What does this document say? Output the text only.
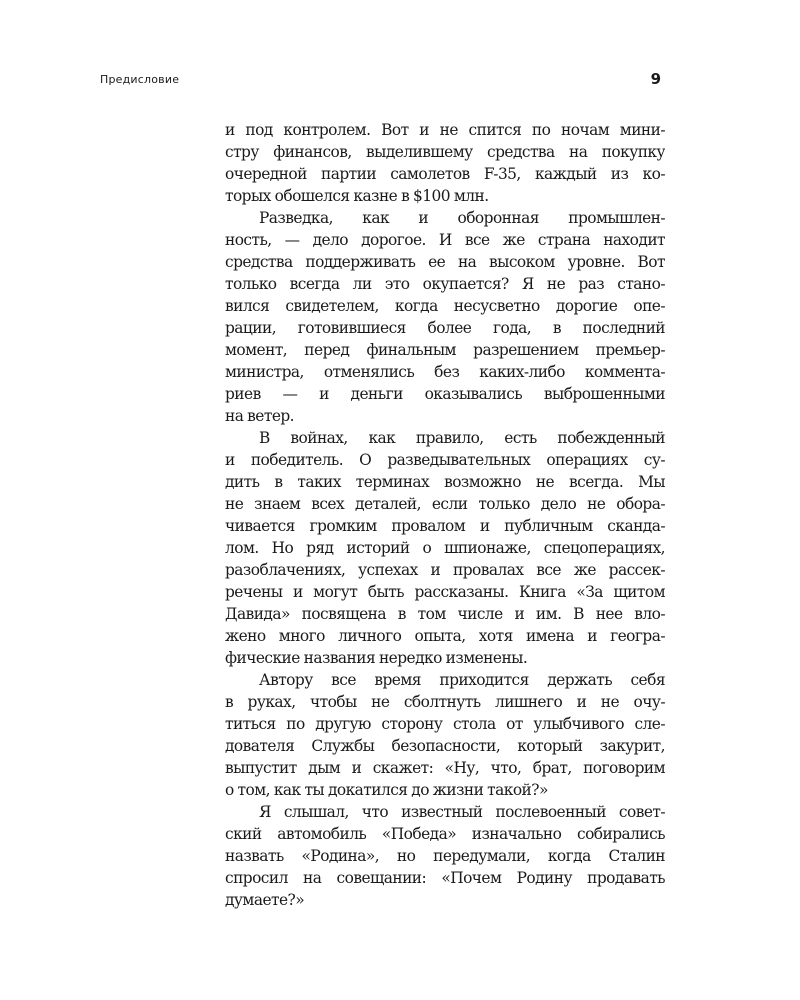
Предисловие	9
и под контролем. Вот и не спится по ночам мини-
стру финансов, выделившему средства на покупку
очередной партии самолетов F-35, каждый из ко-
торых обошелся казне в $100 млн.
Разведка, как и оборонная промышлен-
ность, — дело дорогое. И все же страна находит
средства поддерживать ее на высоком уровне. Вот
только всегда ли это окупается? Я не раз стано-
вился свидетелем, когда несусветно дорогие опе-
рации, готовившиеся более года, в последний
момент, перед финальным разрешением премьер-
министра, отменялись без каких-либо коммента-
риев — и деньги оказывались выброшенными
на ветер.
В войнах, как правило, есть побежденный
и победитель. О разведывательных операциях су-
дить в таких терминах возможно не всегда. Мы
не знаем всех деталей, если только дело не обора-
чивается громким провалом и публичным сканда-
лом. Но ряд историй о шпионаже, спецоперациях,
разоблачениях, успехах и провалах все же рассек-
речены и могут быть рассказаны. Книга «За щитом
Давида» посвящена в том числе и им. В нее вло-
жено много личного опыта, хотя имена и геогра-
фические названия нередко изменены.
Автору все время приходится держать себя
в руках, чтобы не сболтнуть лишнего и не очу-
титься по другую сторону стола от улыбчивого сле-
дователя Службы безопасности, который закурит,
выпустит дым и скажет: «Ну, что, брат, поговорим
о том, как ты докатился до жизни такой?»
Я слышал, что известный послевоенный совет-
ский автомобиль «Победа» изначально собирались
назвать «Родина», но передумали, когда Сталин
спросил на совещании: «Почем Родину продавать
думаете?»
